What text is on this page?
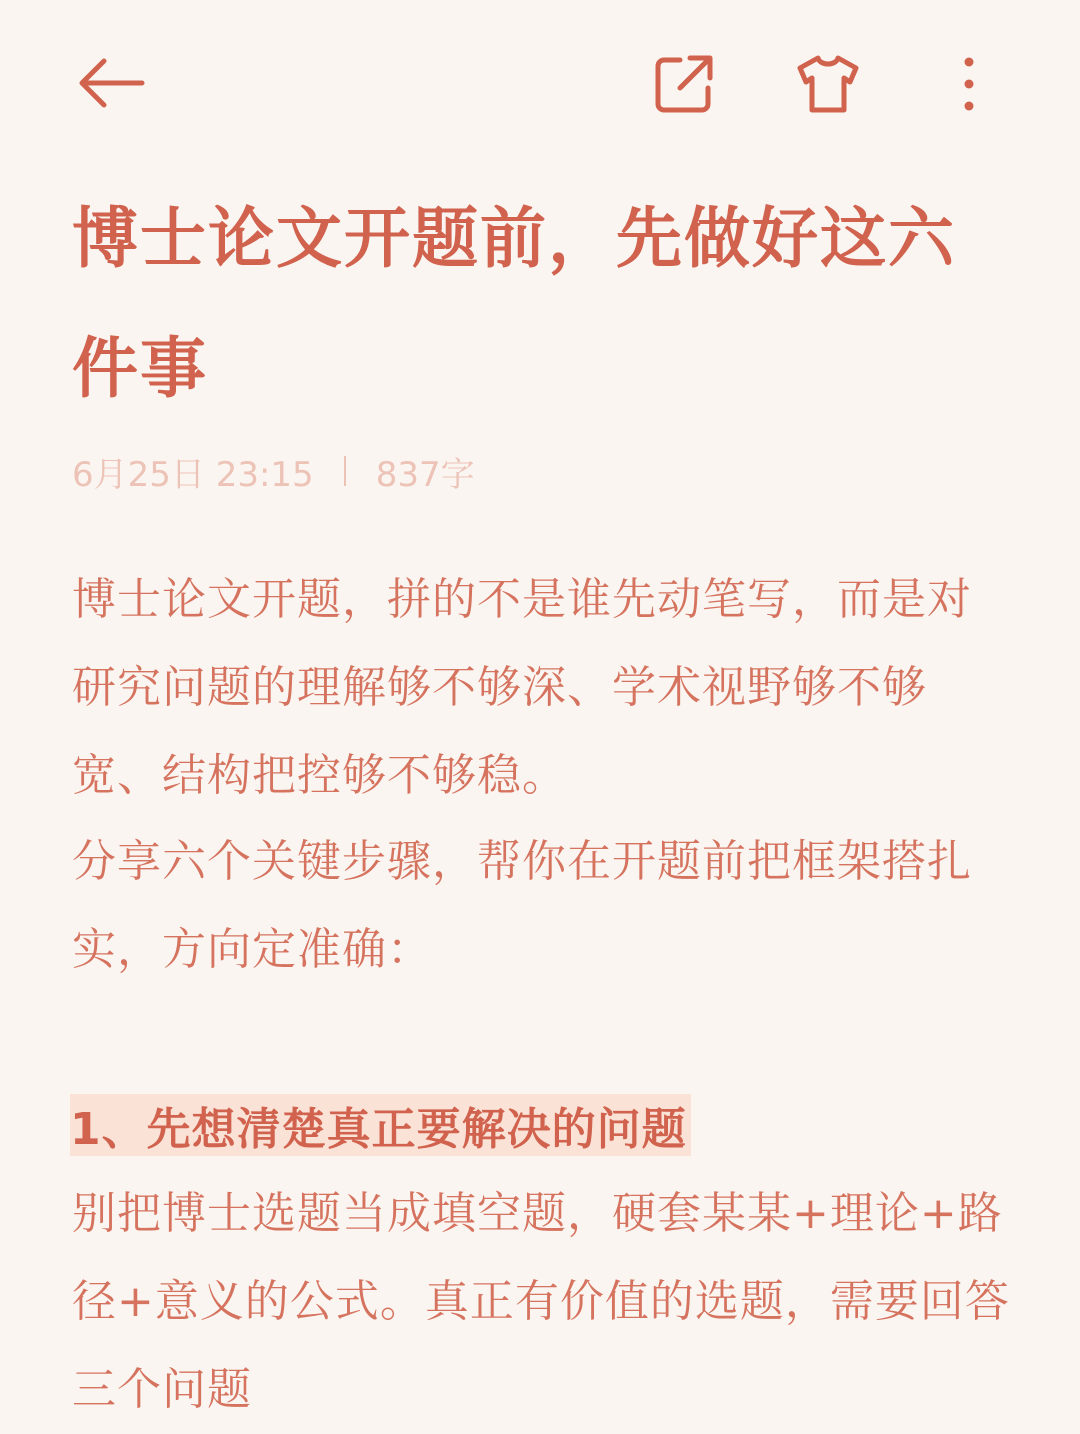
博士论文开题前，先做好这六件事
6月25日 23:15 837字

博士论文开题，拼的不是谁先动笔写，而是对研究问题的理解够不够深、学术视野够不够宽、结构把控够不够稳。

分享六个关键步骤，帮你在开题前把框架搭扎实，方向定准确：

1、先想清楚真正要解决的问题

别把博士选题当成填空题，硬套某某+理论+路径+意义的公式。真正有价值的选题，需要回答三个问题
